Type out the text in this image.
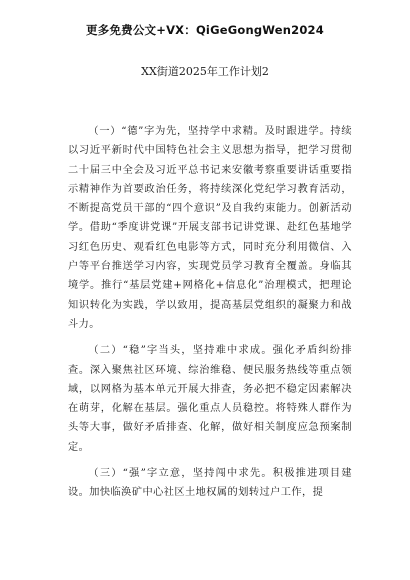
更多免费公文+VX：QiGeGongWen2024
XX街道2025年工作计划2

（一）“德”字为先，坚持学中求精。及时跟进学。持续以习近平新时代中国特色社会主义思想为指导，把学习贯彻二十届三中全会及习近平总书记来安徽考察重要讲话重要指示精神作为首要政治任务，将持续深化党纪学习教育活动，不断提高党员干部的“四个意识”及自我约束能力。创新活动学。借助“季度讲党课”开展支部书记讲党课、赴红色基地学习红色历史、观看红色电影等方式，同时充分利用微信、入户等平台推送学习内容，实现党员学习教育全覆盖。身临其境学。推行“基层党建+网格化+信息化”治理模式，把理论知识转化为实践，学以致用，提高基层党组织的凝聚力和战斗力。

（二）“稳”字当头，坚持难中求成。强化矛盾纠纷排查。深入聚焦社区环境、综治维稳、便民服务热线等重点领域，以网格为基本单元开展大排查，务必把不稳定因素解决在萌芽，化解在基层。强化重点人员稳控。将特殊人群作为头等大事，做好矛盾排查、化解，做好相关制度应急预案制定。

（三）“强”字立意，坚持闯中求先。积极推进项目建设。加快临涣矿中心社区土地权属的划转过户工作，提
